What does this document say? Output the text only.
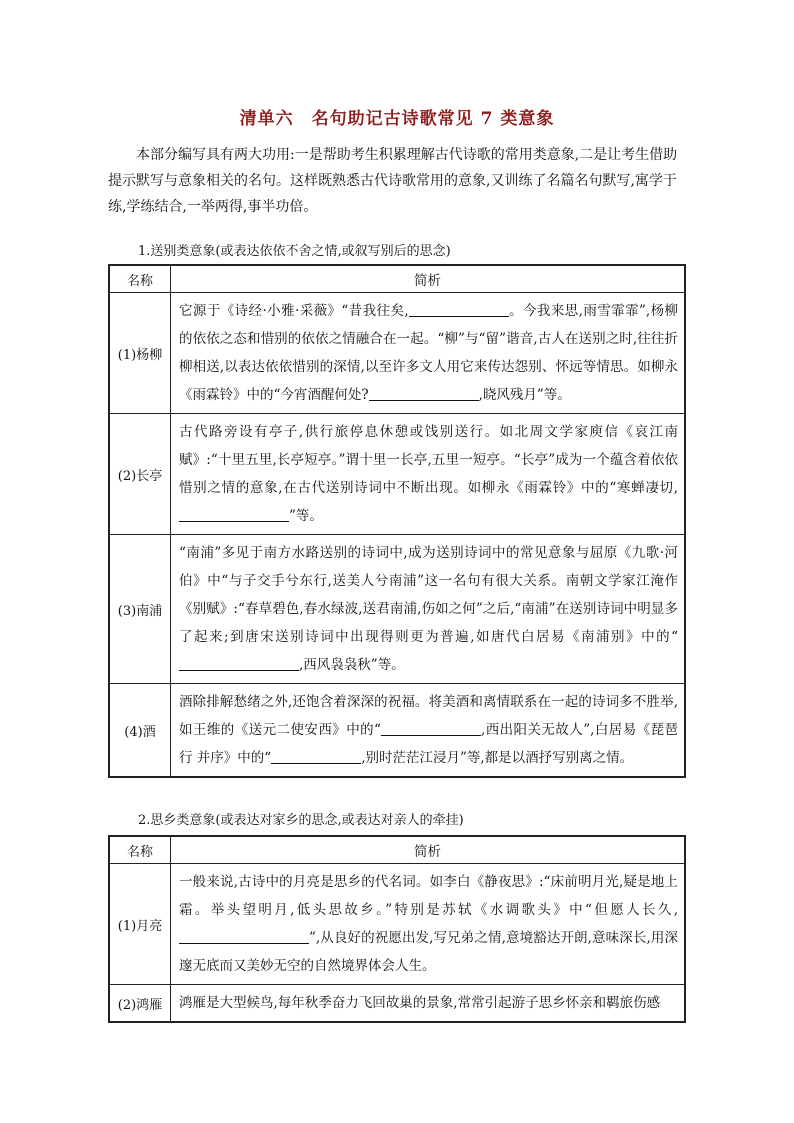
清单六　名句助记古诗歌常见 7 类意象
本部分编写具有两大功用:一是帮助考生积累理解古代诗歌的常用类意象,二是让考生借助提示默写与意象相关的名句。这样既熟悉古代诗歌常用的意象,又训练了名篇名句默写,寓学于练,学练结合,一举两得,事半功倍。
1.送别类意象(或表达依依不舍之情,或叙写别后的思念)
名称	简析
(1)杨柳	它源于《诗经·小雅·采薇》“昔我往矣, 。今我来思,雨雪霏霏”,杨柳的依依之态和惜别的依依之情融合在一起。“柳”与“留”谐音,古人在送别之时,往往折柳相送,以表达依依惜别的深情,以至许多文人用它来传达怨别、怀远等情思。如柳永《雨霖铃》中的“今宵酒醒何处? ,晓风残月”等。
(2)长亭	古代路旁设有亭子,供行旅停息休憩或饯别送行。如北周文学家庾信《哀江南赋》:“十里五里,长亭短亭。”谓十里一长亭,五里一短亭。“长亭”成为一个蕴含着依依惜别之情的意象,在古代送别诗词中不断出现。如柳永《雨霖铃》中的“寒蝉凄切,”等。
(3)南浦	“南浦”多见于南方水路送别的诗词中,成为送别诗词中的常见意象与屈原《九歌·河伯》中“与子交手兮东行,送美人兮南浦”这一名句有很大关系。南朝文学家江淹作《别赋》:“春草碧色,春水绿波,送君南浦,伤如之何”之后,“南浦”在送别诗词中明显多了起来;到唐宋送别诗词中出现得则更为普遍,如唐代白居易《南浦别》中的“,西风袅袅秋”等。
(4)酒	酒除排解愁绪之外,还饱含着深深的祝福。将美酒和离情联系在一起的诗词多不胜举,如王维的《送元二使安西》中的“ ,西出阳关无故人”,白居易《琵琶行 并序》中的“ ,别时茫茫江浸月”等,都是以酒抒写别离之情。
2.思乡类意象(或表达对家乡的思念,或表达对亲人的牵挂)
名称	简析
(1)月亮	一般来说,古诗中的月亮是思乡的代名词。如李白《静夜思》:“床前明月光,疑是地上霜。举头望明月,低头思故乡。”特别是苏轼《水调歌头》中“但愿人长久,”,从良好的祝愿出发,写兄弟之情,意境豁达开朗,意味深长,用深邃无底而又美妙无空的自然境界体会人生。
(2)鸿雁	鸿雁是大型候鸟,每年秋季奋力飞回故巢的景象,常常引起游子思乡怀亲和羁旅伤感
